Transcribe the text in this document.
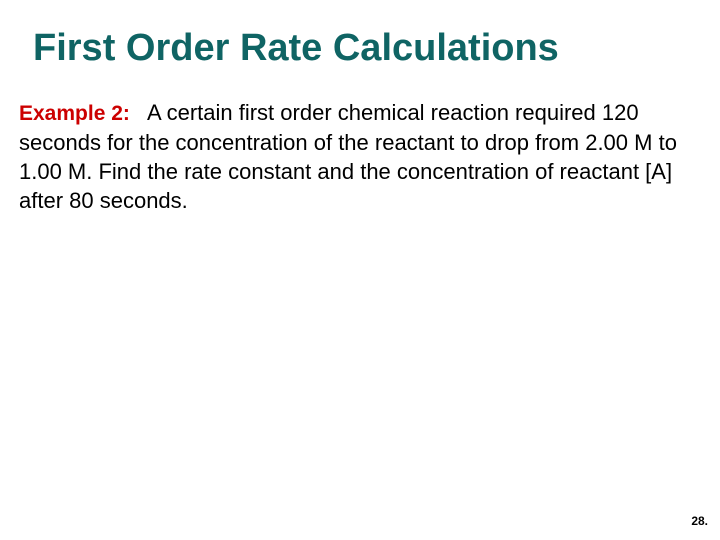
First Order Rate Calculations

Example 2: A certain first order chemical reaction required 120 seconds for the concentration of the reactant to drop from 2.00 M to 1.00 M. Find the rate constant and the concentration of reactant [A] after 80 seconds.

28.
